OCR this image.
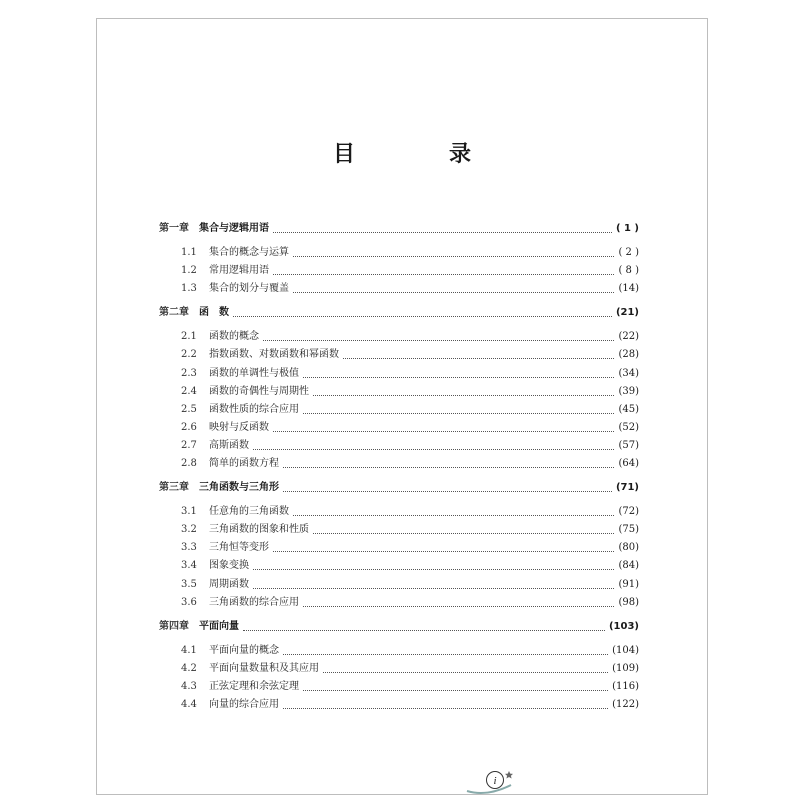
目　录
第一章 集合与逻辑用语	( 1 )
1.1	集合的概念与运算	( 2 )
1.2	常用逻辑用语	( 8 )
1.3	集合的划分与覆盖	(14)
第二章 函　数	(21)
2.1	函数的概念	(22)
2.2	指数函数、对数函数和幂函数	(28)
2.3	函数的单调性与极值	(34)
2.4	函数的奇偶性与周期性	(39)
2.5	函数性质的综合应用	(45)
2.6	映射与反函数	(52)
2.7	高斯函数	(57)
2.8	简单的函数方程	(64)
第三章 三角函数与三角形	(71)
3.1	任意角的三角函数	(72)
3.2	三角函数的图象和性质	(75)
3.3	三角恒等变形	(80)
3.4	图象变换	(84)
3.5	周期函数	(91)
3.6	三角函数的综合应用	(98)
第四章 平面向量	(103)
4.1	平面向量的概念	(104)
4.2	平面向量数量积及其应用	(109)
4.3	正弦定理和余弦定理	(116)
4.4	向量的综合应用	(122)
i
